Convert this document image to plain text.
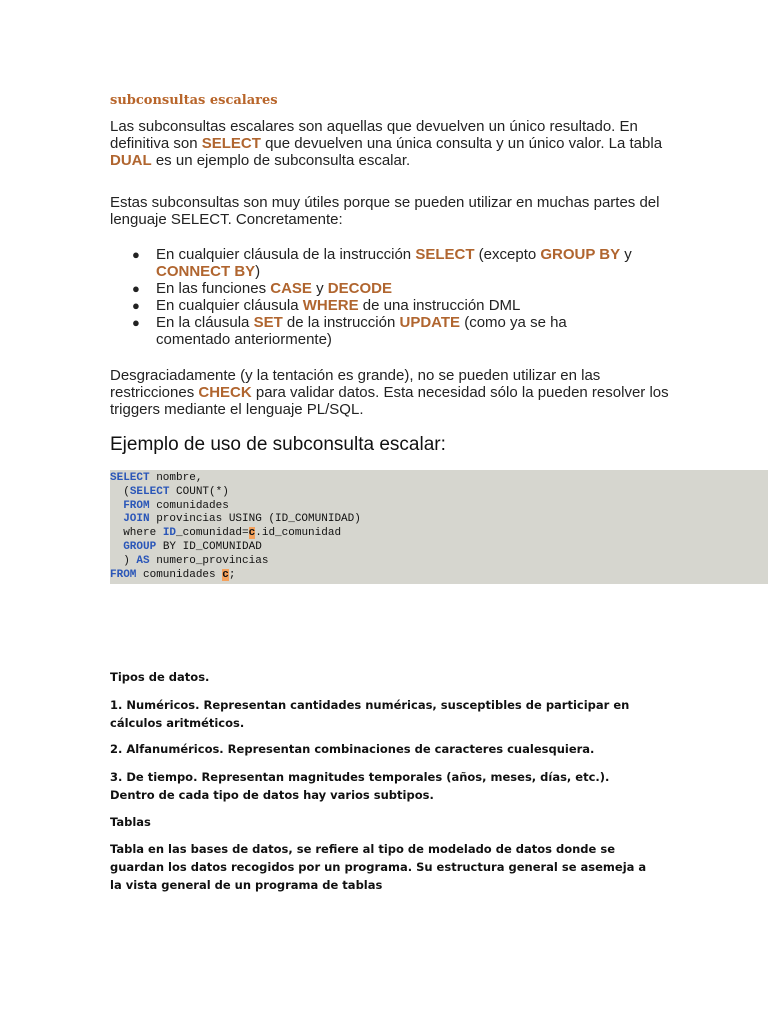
subconsultas escalares

Las subconsultas escalares son aquellas que devuelven un único resultado. En definitiva son SELECT que devuelven una única consulta y un único valor. La tabla DUAL es un ejemplo de subconsulta escalar.

Estas subconsultas son muy útiles porque se pueden utilizar en muchas partes del lenguaje SELECT. Concretamente:

● En cualquier cláusula de la instrucción SELECT (excepto GROUP BY y CONNECT BY)
● En las funciones CASE y DECODE
● En cualquier cláusula WHERE de una instrucción DML
● En la cláusula SET de la instrucción UPDATE (como ya se ha comentado anteriormente)

Desgraciadamente (y la tentación es grande), no se pueden utilizar en las restricciones CHECK para validar datos. Esta necesidad sólo la pueden resolver los triggers mediante el lenguaje PL/SQL.

Ejemplo de uso de subconsulta escalar:
SELECT nombre,
(SELECT COUNT(*)
FROM comunidades
JOIN provincias USING (ID_COMUNIDAD)
where ID_comunidad=c.id_comunidad
GROUP BY ID_COMUNIDAD
) AS numero_provincias
FROM comunidades c;
Tipos de datos.
1. Numéricos. Representan cantidades numéricas, susceptibles de participar en cálculos aritméticos.
2. Alfanuméricos. Representan combinaciones de caracteres cualesquiera.
3. De tiempo. Representan magnitudes temporales (años, meses, días, etc.). Dentro de cada tipo de datos hay varios subtipos.
Tablas
Tabla en las bases de datos, se refiere al tipo de modelado de datos donde se guardan los datos recogidos por un programa. Su estructura general se asemeja a la vista general de un programa de tablas
